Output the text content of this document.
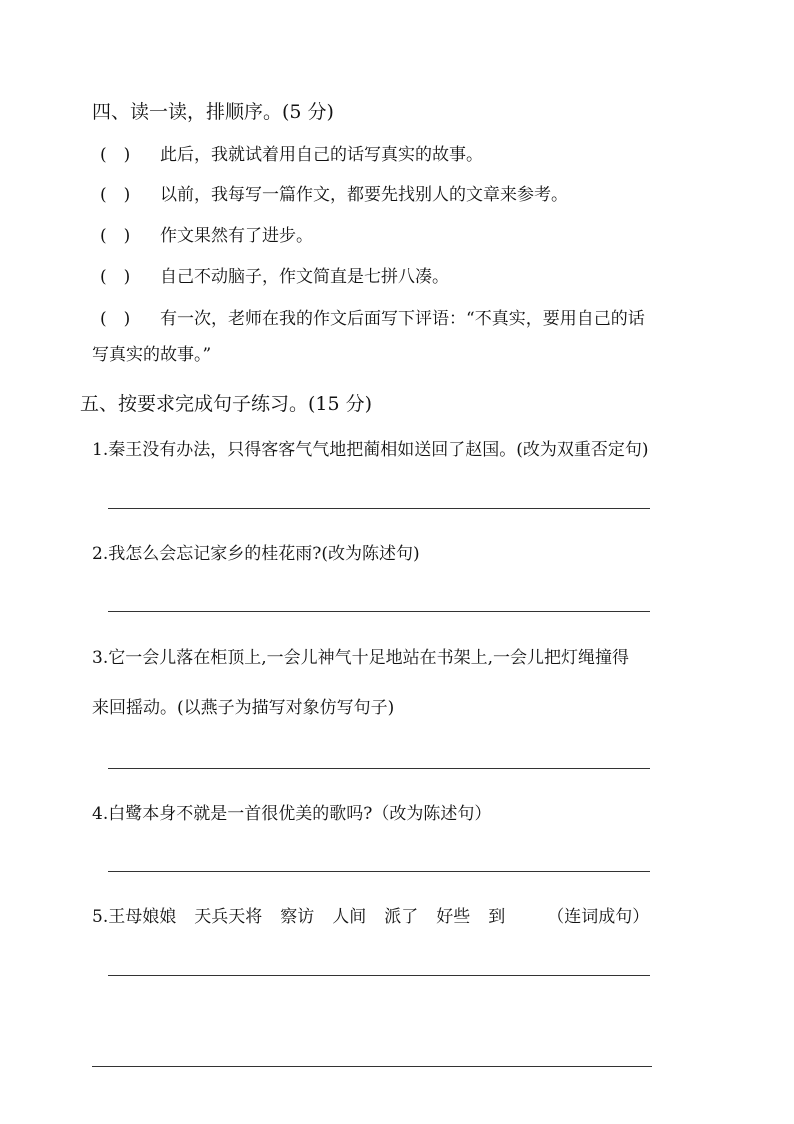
四、读一读，排顺序。(5 分)
(　) 此后，我就试着用自己的话写真实的故事。
(　) 以前，我每写一篇作文，都要先找别人的文章来参考。
(　) 作文果然有了进步。
(　) 自己不动脑子，作文简直是七拼八凑。
(　) 有一次，老师在我的作文后面写下评语：“不真实，要用自己的话
写真实的故事。”
五、按要求完成句子练习。(15 分)
1.秦王没有办法，只得客客气气地把蔺相如送回了赵国。(改为双重否定句)
2.我怎么会忘记家乡的桂花雨?(改为陈述句)
3.它一会儿落在柜顶上,一会儿神气十足地站在书架上,一会儿把灯绳撞得
来回摇动。(以燕子为描写对象仿写句子)
4.白鹭本身不就是一首很优美的歌吗?（改为陈述句）
5.王母娘娘 天兵天将 察访 人间 派了 好些 到 （连词成句）
